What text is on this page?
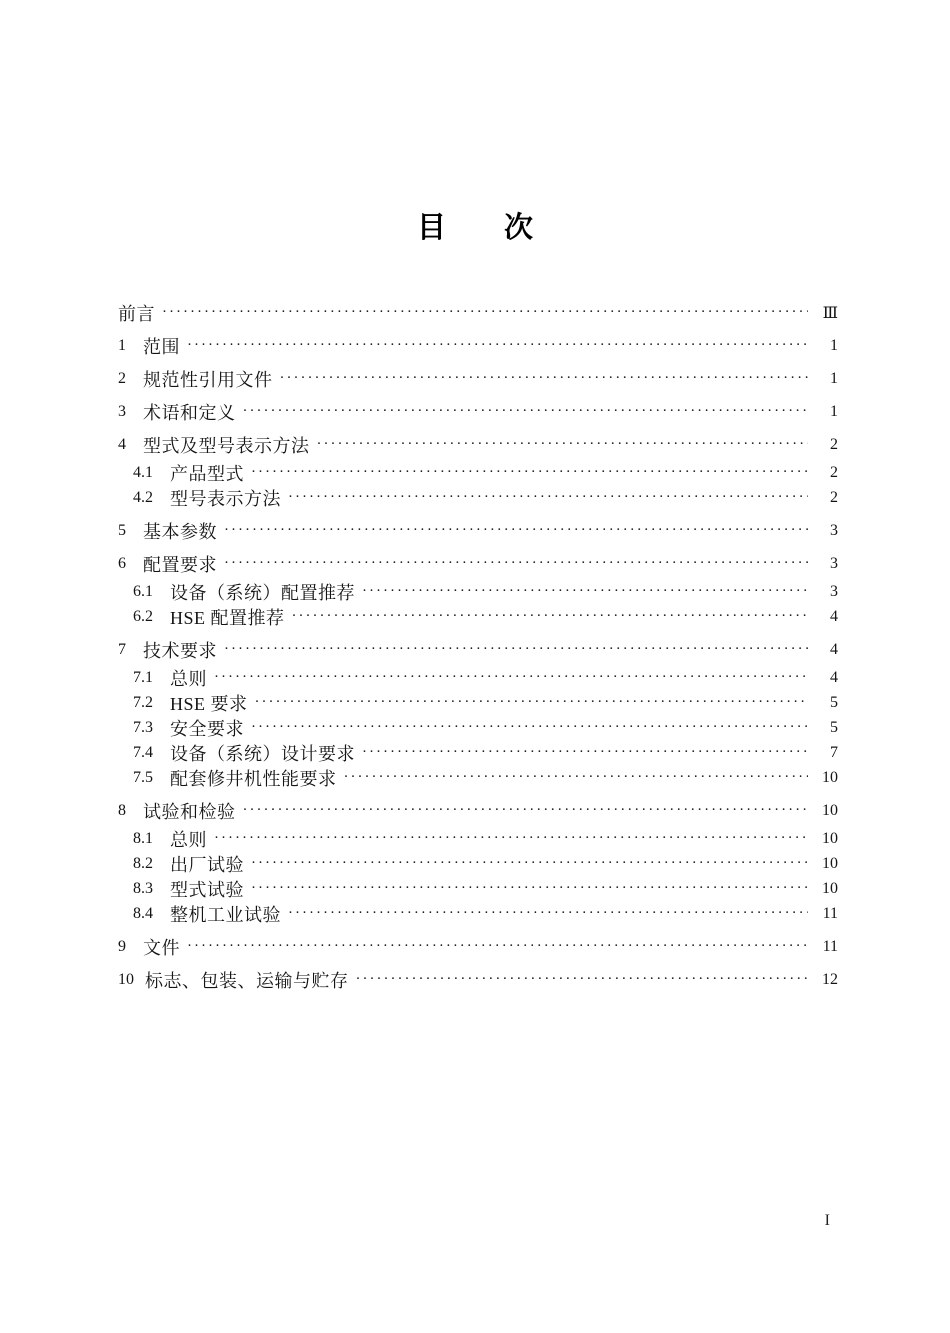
目　　次
前言 ·····	Ⅲ
1 范围 ·····	1
2 规范性引用文件 ·····	1
3 术语和定义 ·····	1
4 型式及型号表示方法 ·····	2
4.1 产品型式 ·····	2
4.2 型号表示方法 ·····	2
5 基本参数 ·····	3
6 配置要求 ·····	3
6.1 设备（系统）配置推荐 ·····	3
6.2 HSE 配置推荐 ·····	4
7 技术要求 ·····	4
7.1 总则 ·····	4
7.2 HSE 要求 ·····	5
7.3 安全要求 ·····	5
7.4 设备（系统）设计要求 ·····	7
7.5 配套修井机性能要求 ·····	10
8 试验和检验 ·····	10
8.1 总则 ·····	10
8.2 出厂试验 ·····	10
8.3 型式试验 ·····	10
8.4 整机工业试验 ·····	11
9 文件 ·····	11
10 标志、包装、运输与贮存 ·····	12
I
